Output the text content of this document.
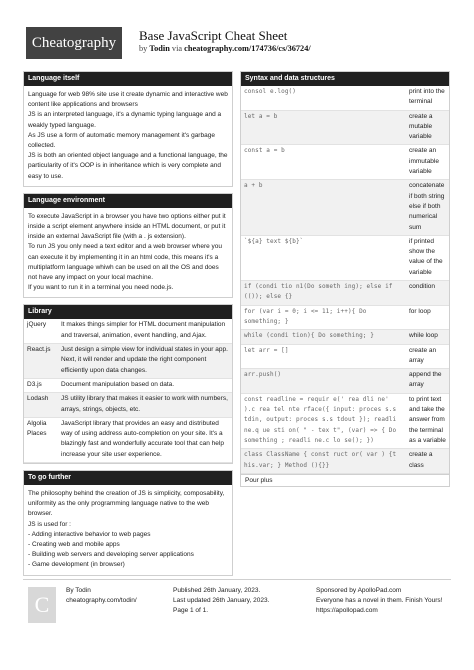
Cheatography	Base JavaScript Cheat Sheet
by Todin via cheatography.com/174736/cs/36724/
Language itself

Language for web 98% site use it create dynamic and interactive web content like applications and browsers

JS is an interpreted language, it's a dynamic typing language and a weakly typed language.

As JS use a form of automatic memory management it's garbage collected.

JS is both an oriented object language and a functional language, the particularity of it's OOP is in inheritance which is very complete and easy to use.

Language environment

To execute JavaScript in a browser you have two options either put it inside a script element anywhere inside an HTML document, or put it inside an external JavaScript file (with a . js extension).

To run JS you only need a text editor and a web browser where you can execute it by implementing it in an html code, this means it's a multiplatform language whiwh can be used on all the OS and does not have any impact on your local machine.

If you want to run it in a terminal you need node.js.

Library
jQuery	It makes things simpler for HTML document manipulation and traversal, animation, event handling, and Ajax.
React.js	Just design a simple view for individual states in your app. Next, it will render and update the right component efficiently upon data changes.
D3.js	Document manipulation based on data.
Lodash	JS utility library that makes it easier to work with numbers, arrays, strings, objects, etc.
Algolia Places	JavaScript library that provides an easy and distributed way of using address auto-completion on your site. It's a blazingly fast and wonderfully accurate tool that can help increase your site user experience.
To go further

The philosophy behind the creation of JS is simplicity, composability, uniformity as the only programming language native to the web browser.

JS is used for :

- Adding interactive behavior to web pages

- Creating web and mobile apps

- Building web servers and developing server applications

- Game development (in browser)

Syntax and data structures
consol e.log()	print into the terminal
let a = b	create a mutable variable
const a = b	create an immutable variable
a + b	concatenate if both string else if both numerical sum
`${a} text ${b}`	if printed show the value of the variable
if (condi tio n1(Do someth ing); else if (()); else {}	condition
for (var i = 0; i <= 11; i++){ Do something; }	for loop
while (condi tion){ Do something; }	while loop
let arr = []	create an array
arr.push()	append the array
const readline = requir e(' rea dli ne' ).c rea tel nte rface({ input: proces s.s tdin, output: proces s.s tdout }); readli ne.q ue sti on( " - tex t", (var) => { Do something ; readli ne.c lo se(); })	to print text and take the answer from the terminal as a variable
class ClassName { const ruct or( var ) {t his.var; } Method (){}}	create a class
Pour plus
C
By Todin
cheatography.com/todin/
Published 26th January, 2023.
Last updated 26th January, 2023.
Page 1 of 1.
Sponsored by ApolloPad.com
Everyone has a novel in them. Finish Yours!
https://apollopad.com
